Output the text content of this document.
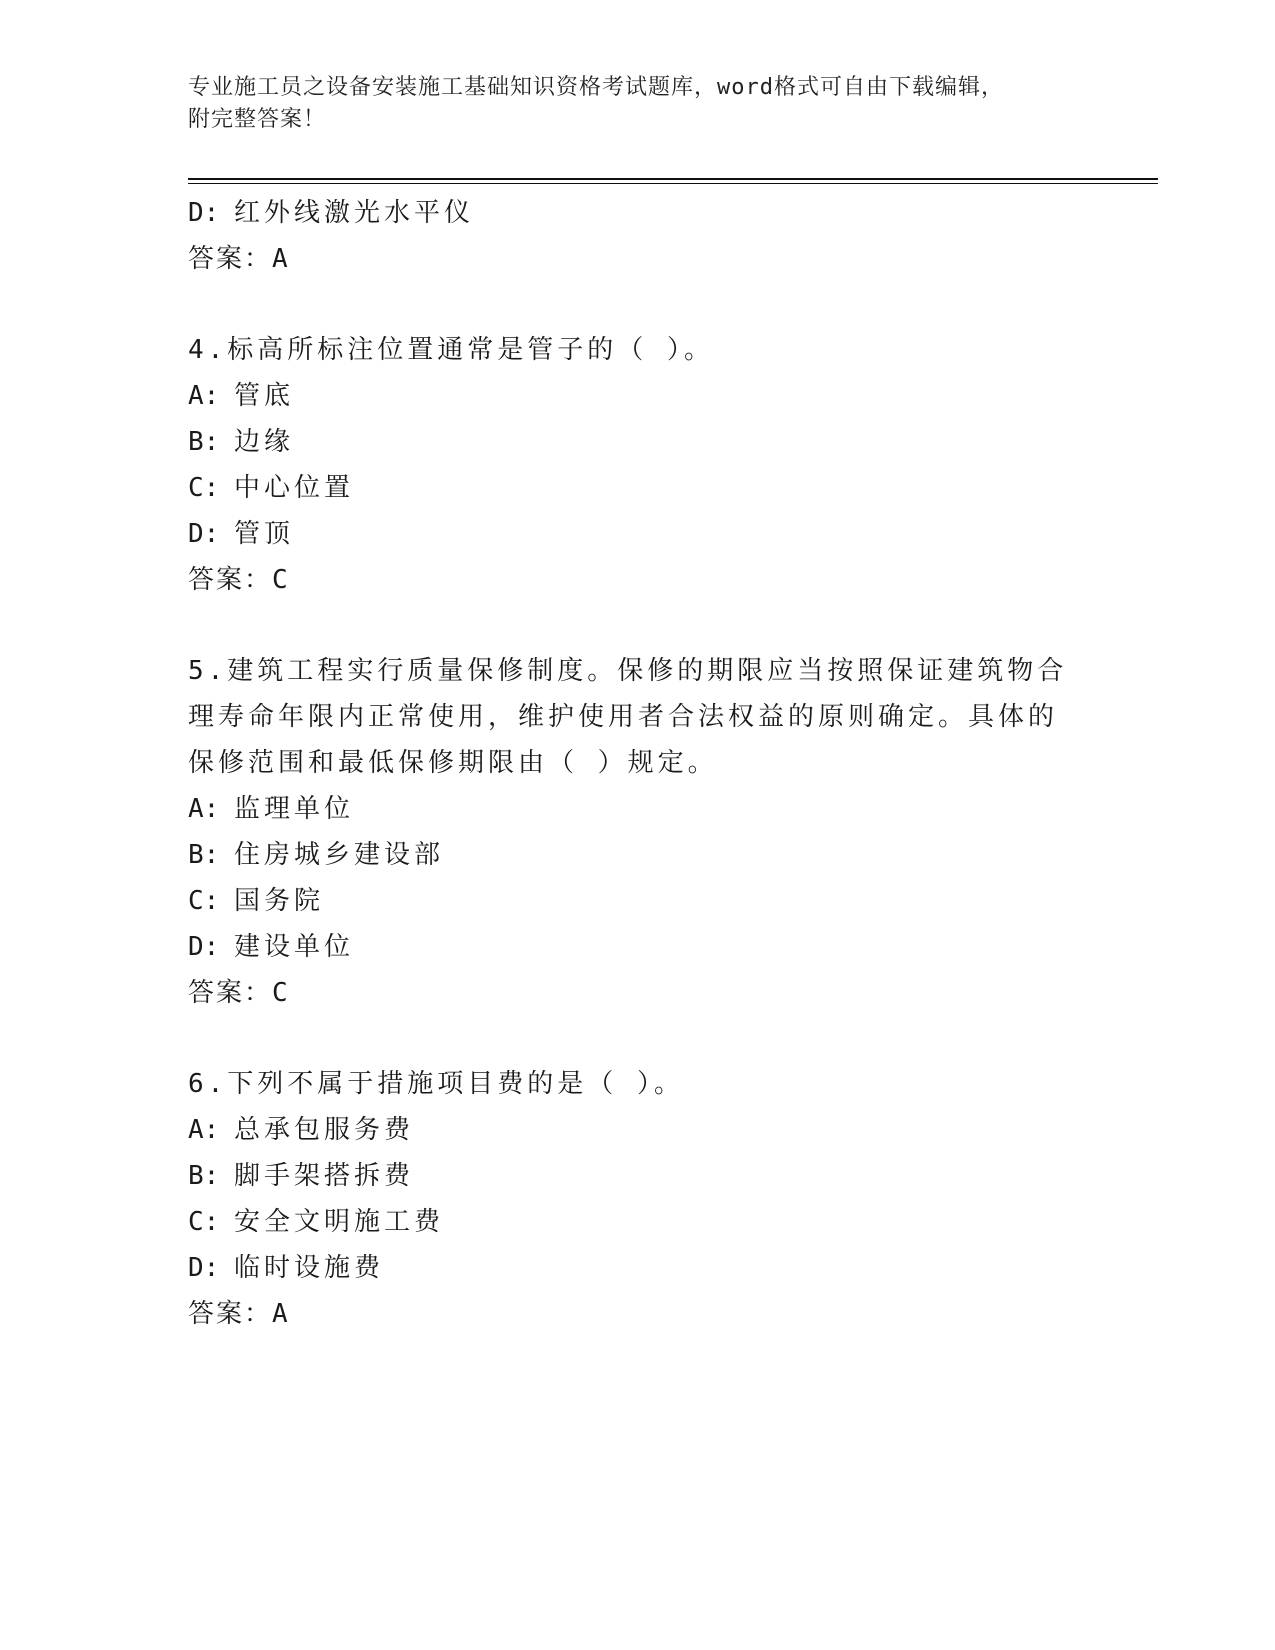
专业施工员之设备安装施工基础知识资格考试题库，word格式可自由下载编辑，
附完整答案！
D: 红外线激光水平仪
答案：A
4.标高所标注位置通常是管子的（ ）。
A: 管底
B: 边缘
C: 中心位置
D: 管顶
答案：C
5.建筑工程实行质量保修制度。保修的期限应当按照保证建筑物合理寿命年限内正常使用，维护使用者合法权益的原则确定。具体的保修范围和最低保修期限由（ ）规定。
A: 监理单位
B: 住房城乡建设部
C: 国务院
D: 建设单位
答案：C
6.下列不属于措施项目费的是（ ）。
A: 总承包服务费
B: 脚手架搭拆费
C: 安全文明施工费
D: 临时设施费
答案：A
